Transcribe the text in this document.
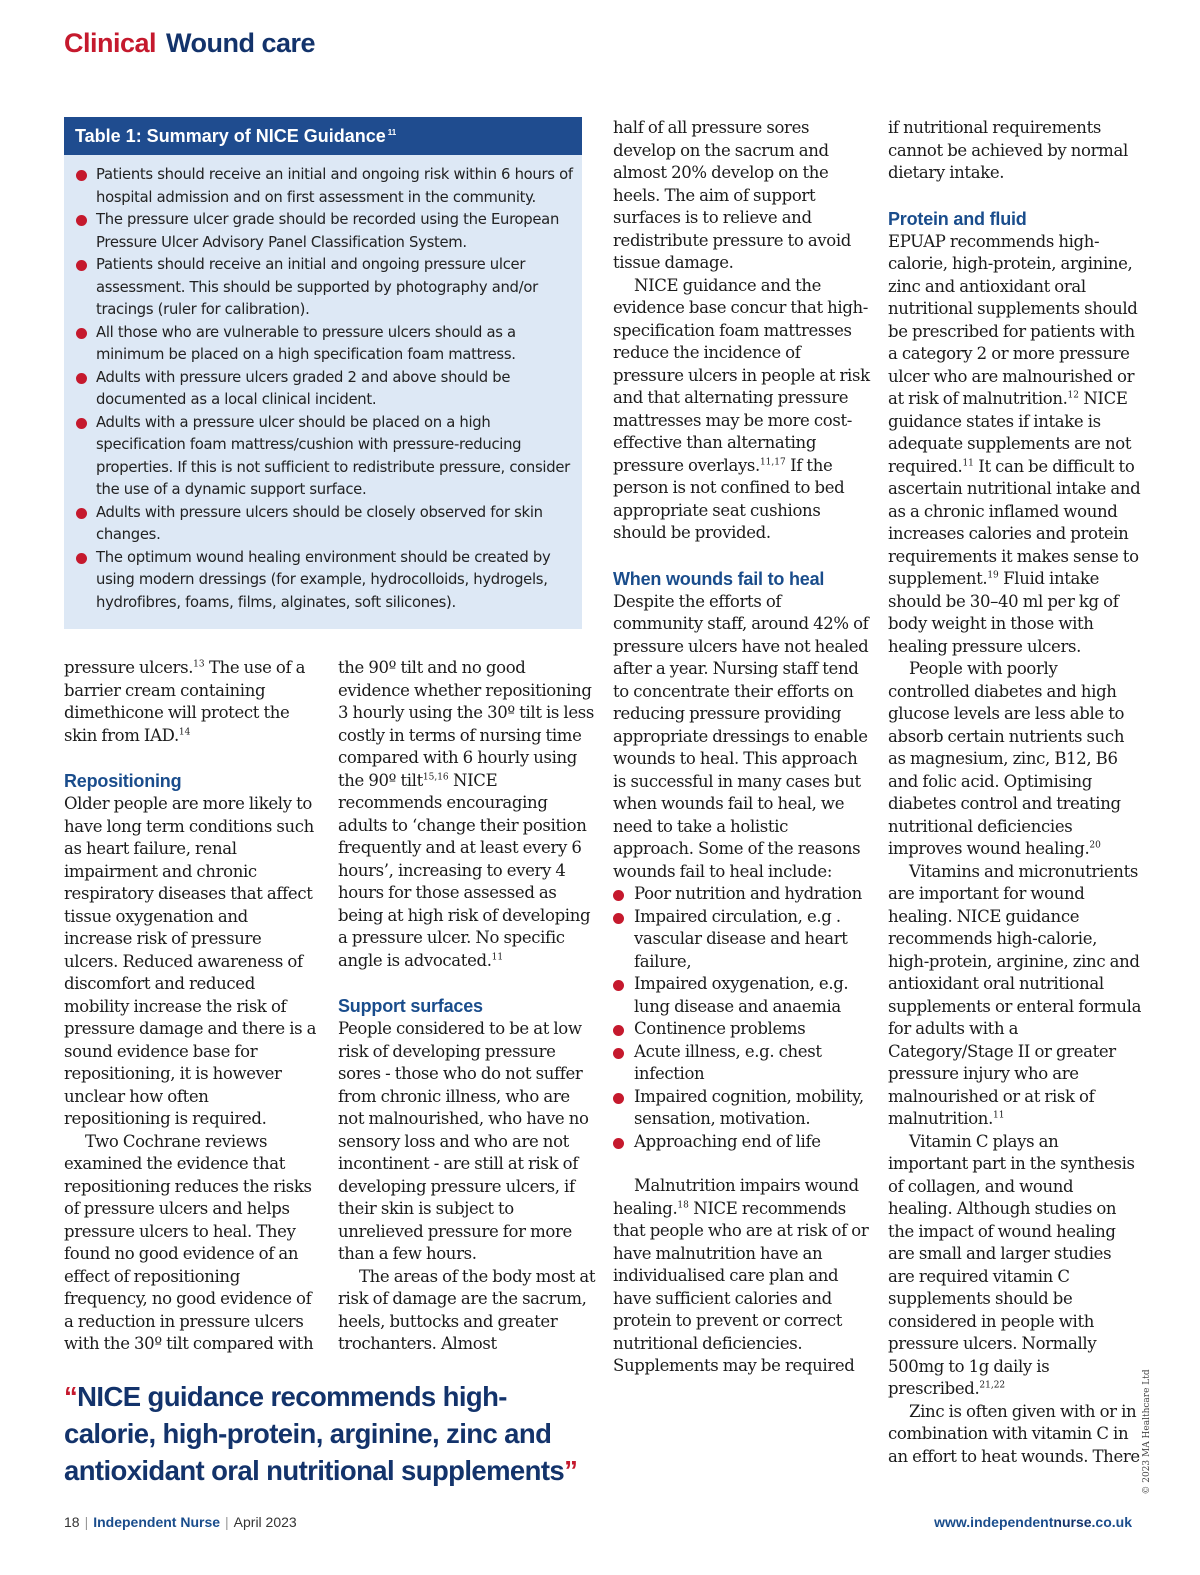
Clinical Wound care
Table 1: Summary of NICE Guidance $^{11}$
Patients should receive an initial and ongoing risk within 6 hours of hospital admission and on first assessment in the community.
The pressure ulcer grade should be recorded using the European Pressure Ulcer Advisory Panel Classification System.
Patients should receive an initial and ongoing pressure ulcer assessment. This should be supported by photography and/or tracings (ruler for calibration).
All those who are vulnerable to pressure ulcers should as a minimum be placed on a high specification foam mattress.
Adults with pressure ulcers graded 2 and above should be documented as a local clinical incident.
Adults with a pressure ulcer should be placed on a high specification foam mattress/cushion with pressure-reducing properties. If this is not sufficient to redistribute pressure, consider the use of a dynamic support surface.
Adults with pressure ulcers should be closely observed for skin changes.
The optimum wound healing environment should be created by using modern dressings (for example, hydrocolloids, hydrogels, hydrofibres, foams, films, alginates, soft silicones).

pressure ulcers.$^{13}$ The use of a barrier cream containing dimethicone will protect the skin from IAD.$^{14}$

Repositioning

Older people are more likely to have long term conditions such as heart failure, renal impairment and chronic respiratory diseases that affect tissue oxygenation and increase risk of pressure ulcers. Reduced awareness of discomfort and reduced mobility increase the risk of pressure damage and there is a sound evidence base for repositioning, it is however unclear how often repositioning is required.

Two Cochrane reviews examined the evidence that repositioning reduces the risks of pressure ulcers and helps pressure ulcers to heal. They found no good evidence of an effect of repositioning frequency, no good evidence of a reduction in pressure ulcers with the 30º tilt compared with

the 90º tilt and no good evidence whether repositioning 3 hourly using the 30º tilt is less costly in terms of nursing time compared with 6 hourly using the 90º tilt$^{15,16}$ NICE recommends encouraging adults to ‘change their position frequently and at least every 6 hours’, increasing to every 4 hours for those assessed as being at high risk of developing a pressure ulcer. No specific angle is advocated.$^{11}$

Support surfaces

People considered to be at low risk of developing pressure sores - those who do not suffer from chronic illness, who are not malnourished, who have no sensory loss and who are not incontinent - are still at risk of developing pressure ulcers, if their skin is subject to unrelieved pressure for more than a few hours.

The areas of the body most at risk of damage are the sacrum, heels, buttocks and greater trochanters. Almost

half of all pressure sores develop on the sacrum and almost 20% develop on the heels. The aim of support surfaces is to relieve and redistribute pressure to avoid tissue damage.

NICE guidance and the evidence base concur that high-specification foam mattresses reduce the incidence of pressure ulcers in people at risk and that alternating pressure mattresses may be more cost-effective than alternating pressure overlays.$^{11,17}$ If the person is not confined to bed appropriate seat cushions should be provided.

When wounds fail to heal

Despite the efforts of community staff, around 42% of pressure ulcers have not healed after a year. Nursing staff tend to concentrate their efforts on reducing pressure providing appropriate dressings to enable wounds to heal. This approach is successful in many cases but when wounds fail to heal, we need to take a holistic approach. Some of the reasons wounds fail to heal include:

Poor nutrition and hydration
Impaired circulation, e.g . vascular disease and heart failure,
Impaired oxygenation, e.g. lung disease and anaemia
Continence problems
Acute illness, e.g. chest infection
Impaired cognition, mobility, sensation, motivation.
Approaching end of life

Malnutrition impairs wound healing.$^{18}$ NICE recommends that people who are at risk of or have malnutrition have an individualised care plan and have sufficient calories and protein to prevent or correct nutritional deficiencies. Supplements may be required

if nutritional requirements cannot be achieved by normal dietary intake.

Protein and fluid

EPUAP recommends high-calorie, high-protein, arginine, zinc and antioxidant oral nutritional supplements should be prescribed for patients with a category 2 or more pressure ulcer who are malnourished or at risk of malnutrition.$^{12}$ NICE guidance states if intake is adequate supplements are not required.$^{11}$ It can be difficult to ascertain nutritional intake and as a chronic inflamed wound increases calories and protein requirements it makes sense to supplement.$^{19}$ Fluid intake should be 30–40 ml per kg of body weight in those with healing pressure ulcers.

People with poorly controlled diabetes and high glucose levels are less able to absorb certain nutrients such as magnesium, zinc, B12, B6 and folic acid. Optimising diabetes control and treating nutritional deficiencies improves wound healing.$^{20}$

Vitamins and micronutrients are important for wound healing. NICE guidance recommends high-calorie, high-protein, arginine, zinc and antioxidant oral nutritional supplements or enteral formula for adults with a Category/Stage II or greater pressure injury who are malnourished or at risk of malnutrition.$^{11}$

Vitamin C plays an important part in the synthesis of collagen, and wound healing. Although studies on the impact of wound healing are small and larger studies are required vitamin C supplements should be considered in people with pressure ulcers. Normally 500mg to 1g daily is prescribed.$^{21,22}$

Zinc is often given with or in combination with vitamin C in an effort to heat wounds. There

“NICE guidance recommends high-calorie, high-protein, arginine, zinc and antioxidant oral nutritional supplements”	© 2023 MA Healthcare Ltd
18 | Independent Nurse | April 2023	www.independentnurse.co.uk
